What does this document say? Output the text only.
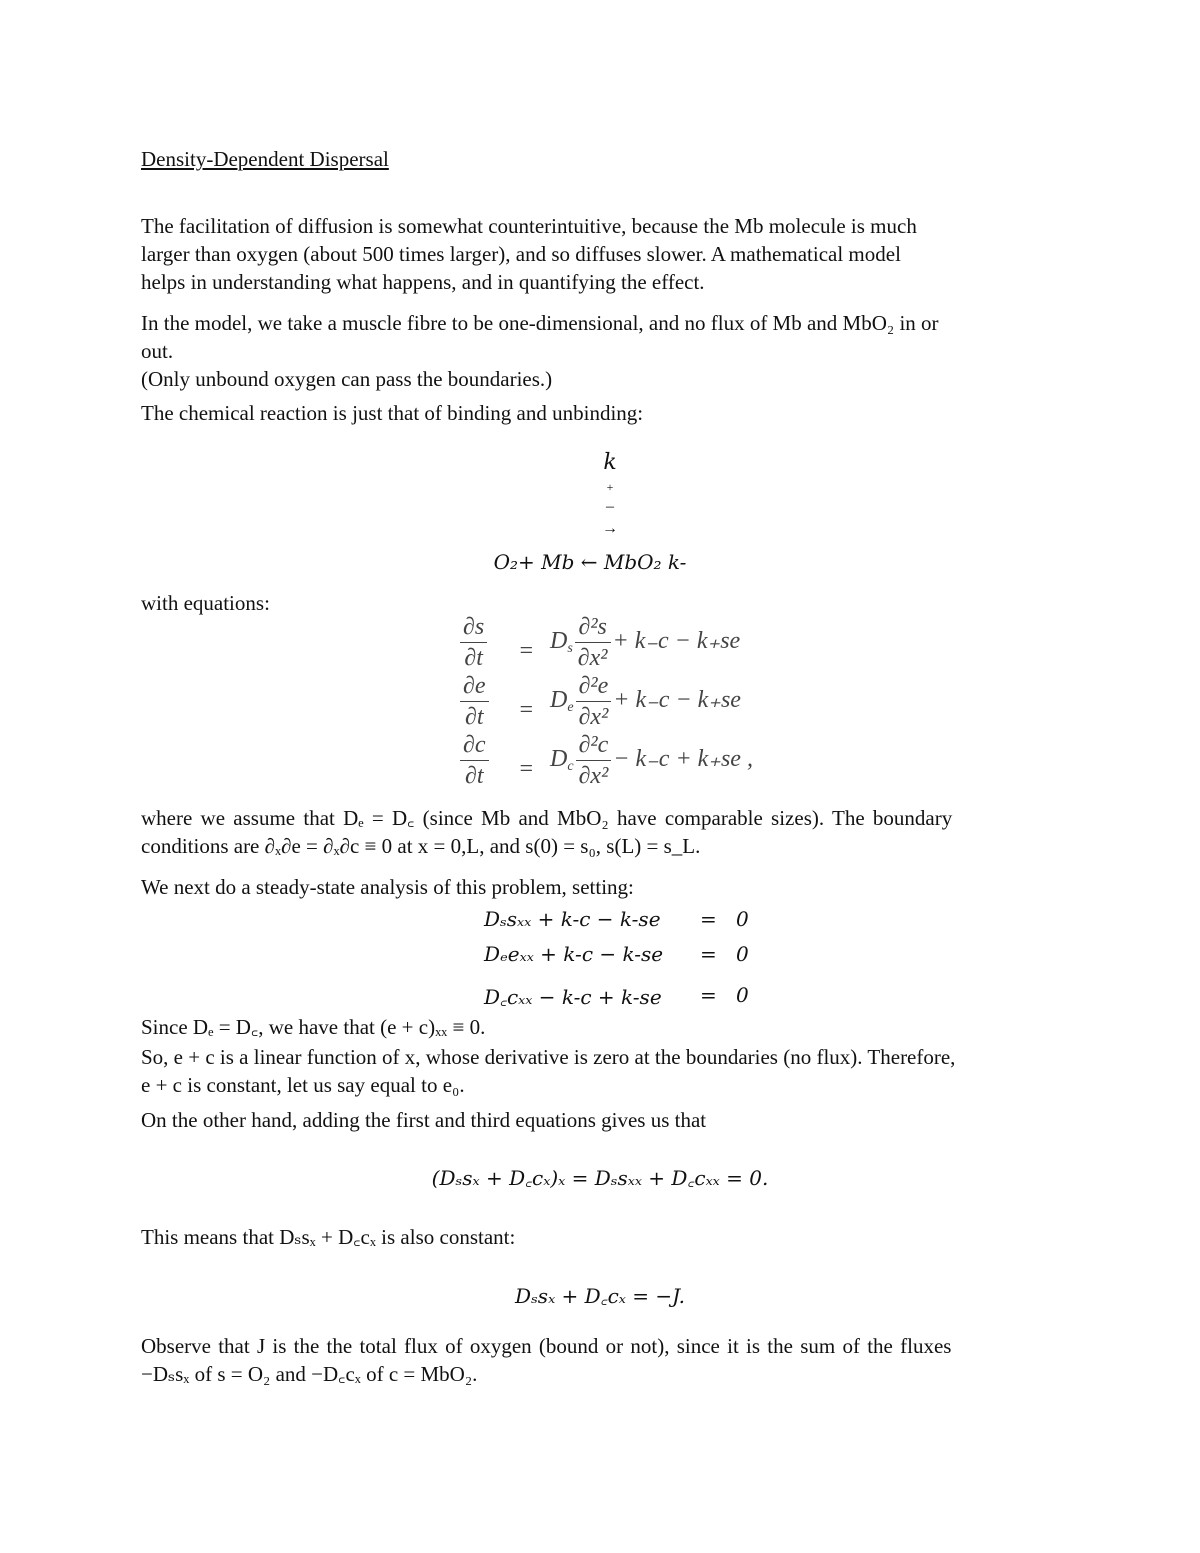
Density-Dependent Dispersal
The facilitation of diffusion is somewhat counterintuitive, because the Mb molecule is much
larger than oxygen (about 500 times larger), and so diffuses slower. A mathematical model
helps in understanding what happens, and in quantifying the effect.
In the model, we take a muscle fibre to be one-dimensional, and no flux of Mb and MbO₂ in or
out.
(Only unbound oxygen can pass the boundaries.)
The chemical reaction is just that of binding and unbinding:
k
+
–
→
O₂+ Mb ← MbO₂ k-
with equations:
$\frac{\partial s}{\partial t} = D_s \frac{\text{∂²s}}{\text{∂x²}} + k_-c - k_+se$
$\frac{\partial e}{\partial t} = D_e \frac{\text{∂²e}}{\text{∂x²}} + k_-c - k_+se$
$\frac{\partial c}{\partial t} = D_c \frac{\text{∂²c}}{\text{∂x²}} - k_-c + k_+se$ ,
where we assume that Dₑ = D꜀ (since Mb and MbO₂ have comparable sizes). The boundary
conditions are ∂ₓ∂e = ∂ₓ∂c ≡ 0 at x = 0,L, and s(0) = s₀, s(L) = s_L.
We next do a steady-state analysis of this problem, setting:
Dₛsₓₓ + k-c − k-se = 0
Dₑeₓₓ + k-c − k-se = 0
D꜀cₓₓ − k-c + k-se = 0
Since Dₑ = D꜀, we have that (e + c)ₓₓ ≡ 0.
So, e + c is a linear function of x, whose derivative is zero at the boundaries (no flux). Therefore,
e + c is constant, let us say equal to e₀.
On the other hand, adding the first and third equations gives us that
(Dₛsₓ + D꜀cₓ)ₓ = Dₛsₓₓ + D꜀cₓₓ = 0.
This means that Dₛsₓ + D꜀cₓ is also constant:
Dₛsₓ + D꜀cₓ = −J.
Observe that J is the the total flux of oxygen (bound or not), since it is the sum of the fluxes
−Dₛsₓ of s = O₂ and −D꜀cₓ of c = MbO₂.
